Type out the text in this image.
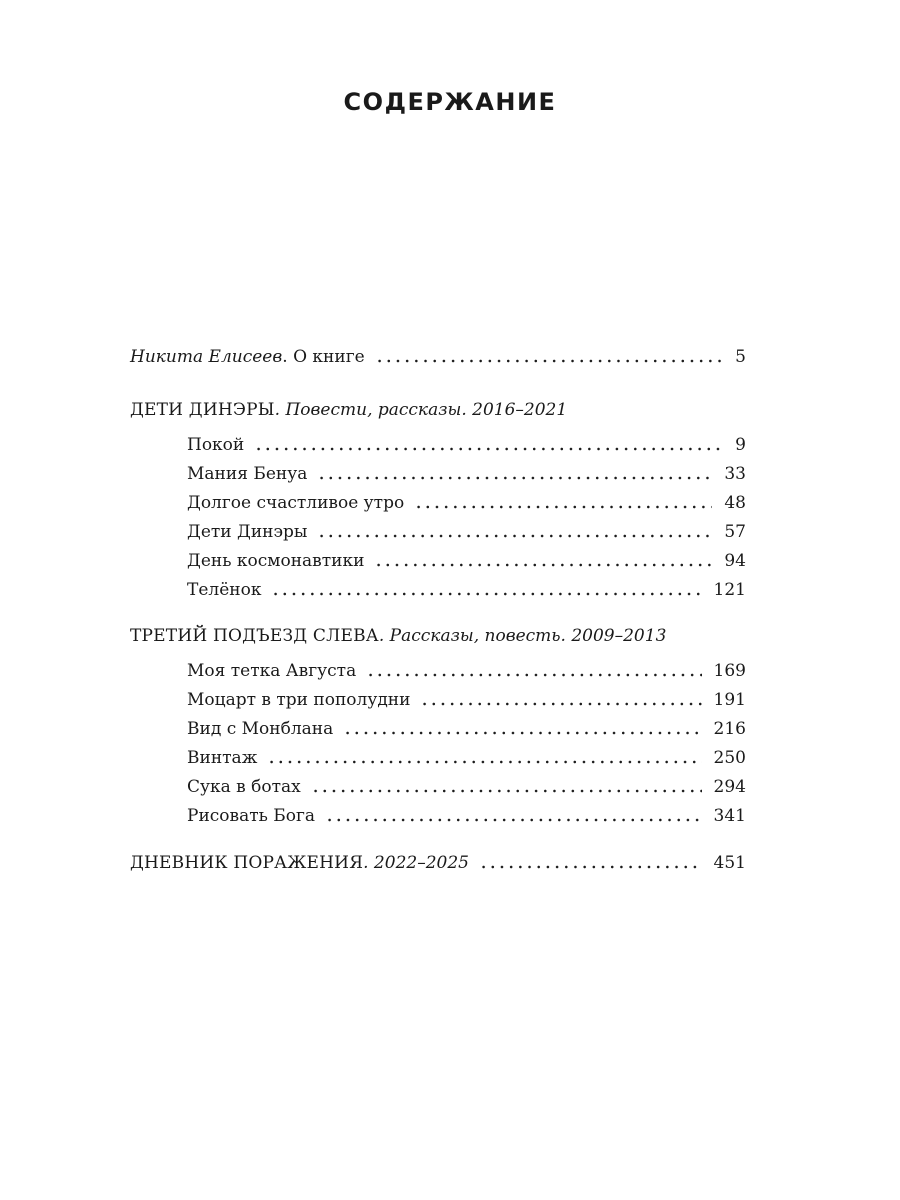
СОДЕРЖАНИЕ
Никита Елисеев. О книге	5
ДЕТИ ДИНЭРЫ. Повести, рассказы. 2016–2021
Покой	9
Мания Бенуа	33
Долгое счастливое утро	48
Дети Динэры	57
День космонавтики	94
Телёнок	121
ТРЕТИЙ ПОДЪЕЗД СЛЕВА. Рассказы, повесть. 2009–2013
Моя тетка Августа	169
Моцарт в три пополудни	191
Вид с Монблана	216
Винтаж	250
Сука в ботах	294
Рисовать Бога	341
ДНЕВНИК ПОРАЖЕНИЯ. 2022–2025	451
